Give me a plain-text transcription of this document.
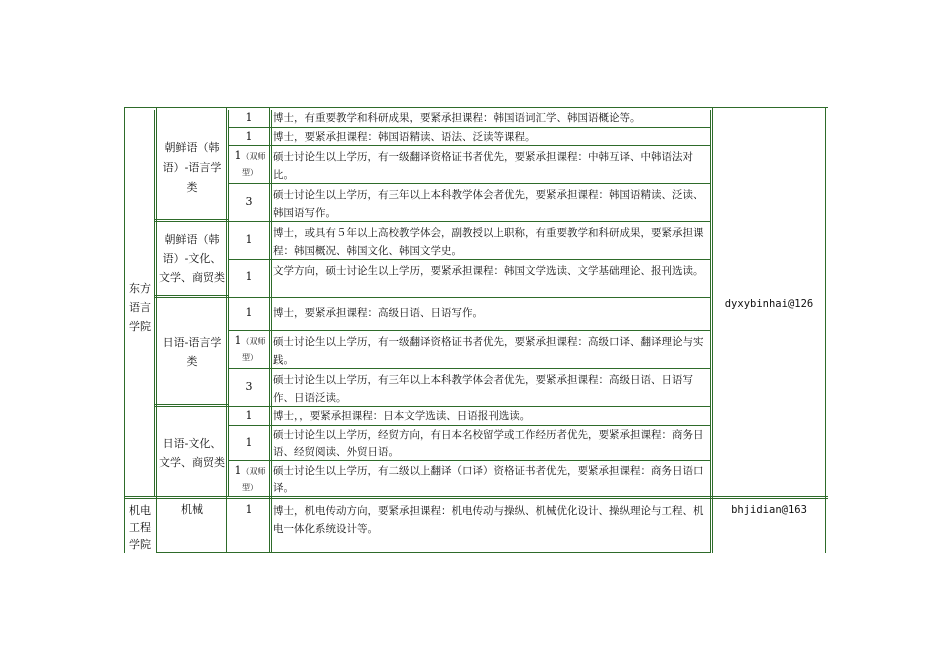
东方语言学院
机电工程学院
朝鲜语（韩语）-语言学类
朝鲜语（韩语）-文化、文学、商贸类
日语-语言学类
日语-文化、文学、商贸类
机械
1
1
1（双师型）
3
1
1
1
1（双师型）
3
1
1
1（双师型）
1
博士，有重要教学和科研成果，要紧承担课程：韩国语词汇学、韩国语概论等。
博士，要紧承担课程：韩国语精读、语法、泛读等课程。
硕士讨论生以上学历，有一级翻译资格证书者优先，要紧承担课程：中韩互译、中韩语法对比。
硕士讨论生以上学历，有三年以上本科教学体会者优先，要紧承担课程：韩国语精读、泛读、韩国语写作。
博士，或具有５年以上高校教学体会，副教授以上职称，有重要教学和科研成果，要紧承担课程：韩国概况、韩国文化、韩国文学史。
文学方向，硕士讨论生以上学历，要紧承担课程：韩国文学选读、文学基础理论、报刊选读。
博士，要紧承担课程：高级日语、日语写作。
硕士讨论生以上学历，有一级翻译资格证书者优先，要紧承担课程：高级口译、翻译理论与实践。
硕士讨论生以上学历，有三年以上本科教学体会者优先，要紧承担课程：高级日语、日语写作、日语泛读。
博士，，要紧承担课程：日本文学选读、日语报刊选读。
硕士讨论生以上学历，经贸方向，有日本名校留学或工作经历者优先，要紧承担课程：商务日语、经贸阅读、外贸日语。
硕士讨论生以上学历，有二级以上翻译（口译）资格证书者优先，要紧承担课程：商务日语口译。
博士，机电传动方向，要紧承担课程：机电传动与操纵、机械优化设计、操纵理论与工程、机电一体化系统设计等。
dyxybinhai@126
bhjidian@163
